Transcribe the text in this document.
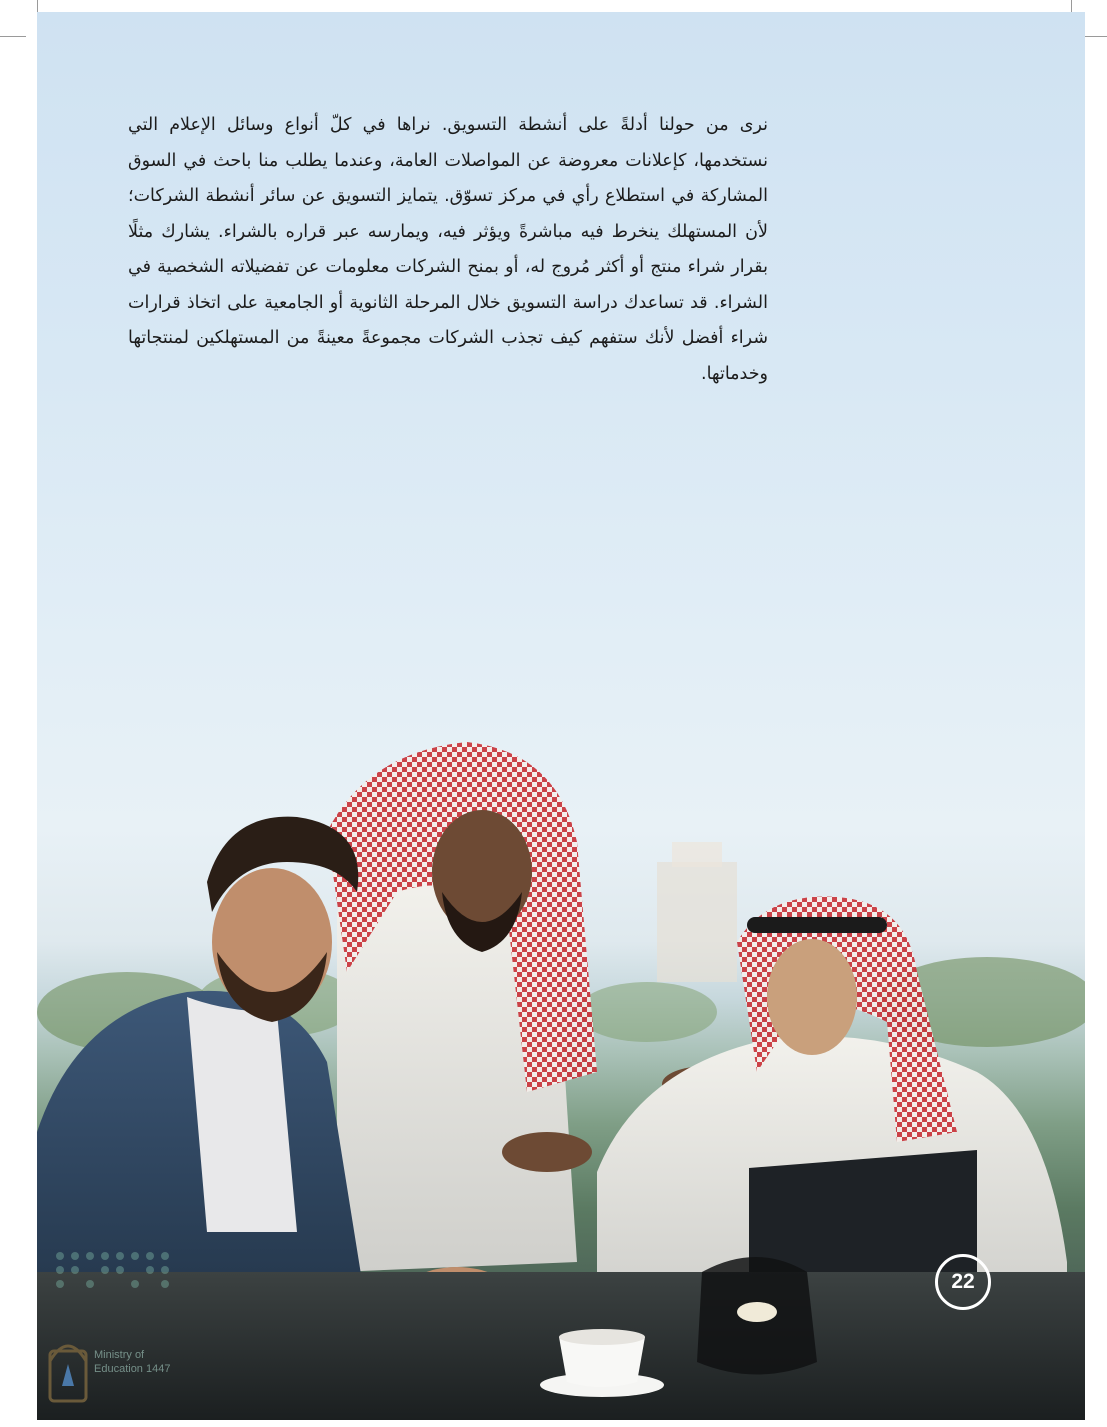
نرى من حولنا أدلةً على أنشطة التسويق. نراها في كلّ أنواع وسائل الإعلام التي نستخدمها، كإعلانات معروضة عن المواصلات العامة، وعندما يطلب منا باحث في السوق المشاركة في استطلاع رأي في مركز تسوّق. يتمايز التسويق عن سائر أنشطة الشركات؛ لأن المستهلك ينخرط فيه مباشرةً ويؤثر فيه، ويمارسه عبر قراره بالشراء. يشارك مثلًا بقرار شراء منتج أو أكثر مُروج له، أو بمنح الشركات معلومات عن تفضيلاته الشخصية في الشراء. قد تساعدك دراسة التسويق خلال المرحلة الثانوية أو الجامعية على اتخاذ قرارات شراء أفضل لأنك ستفهم كيف تجذب الشركات مجموعةً معينةً من المستهلكين لمنتجاتها وخدماتها.

22
Ministry of Education 1447
